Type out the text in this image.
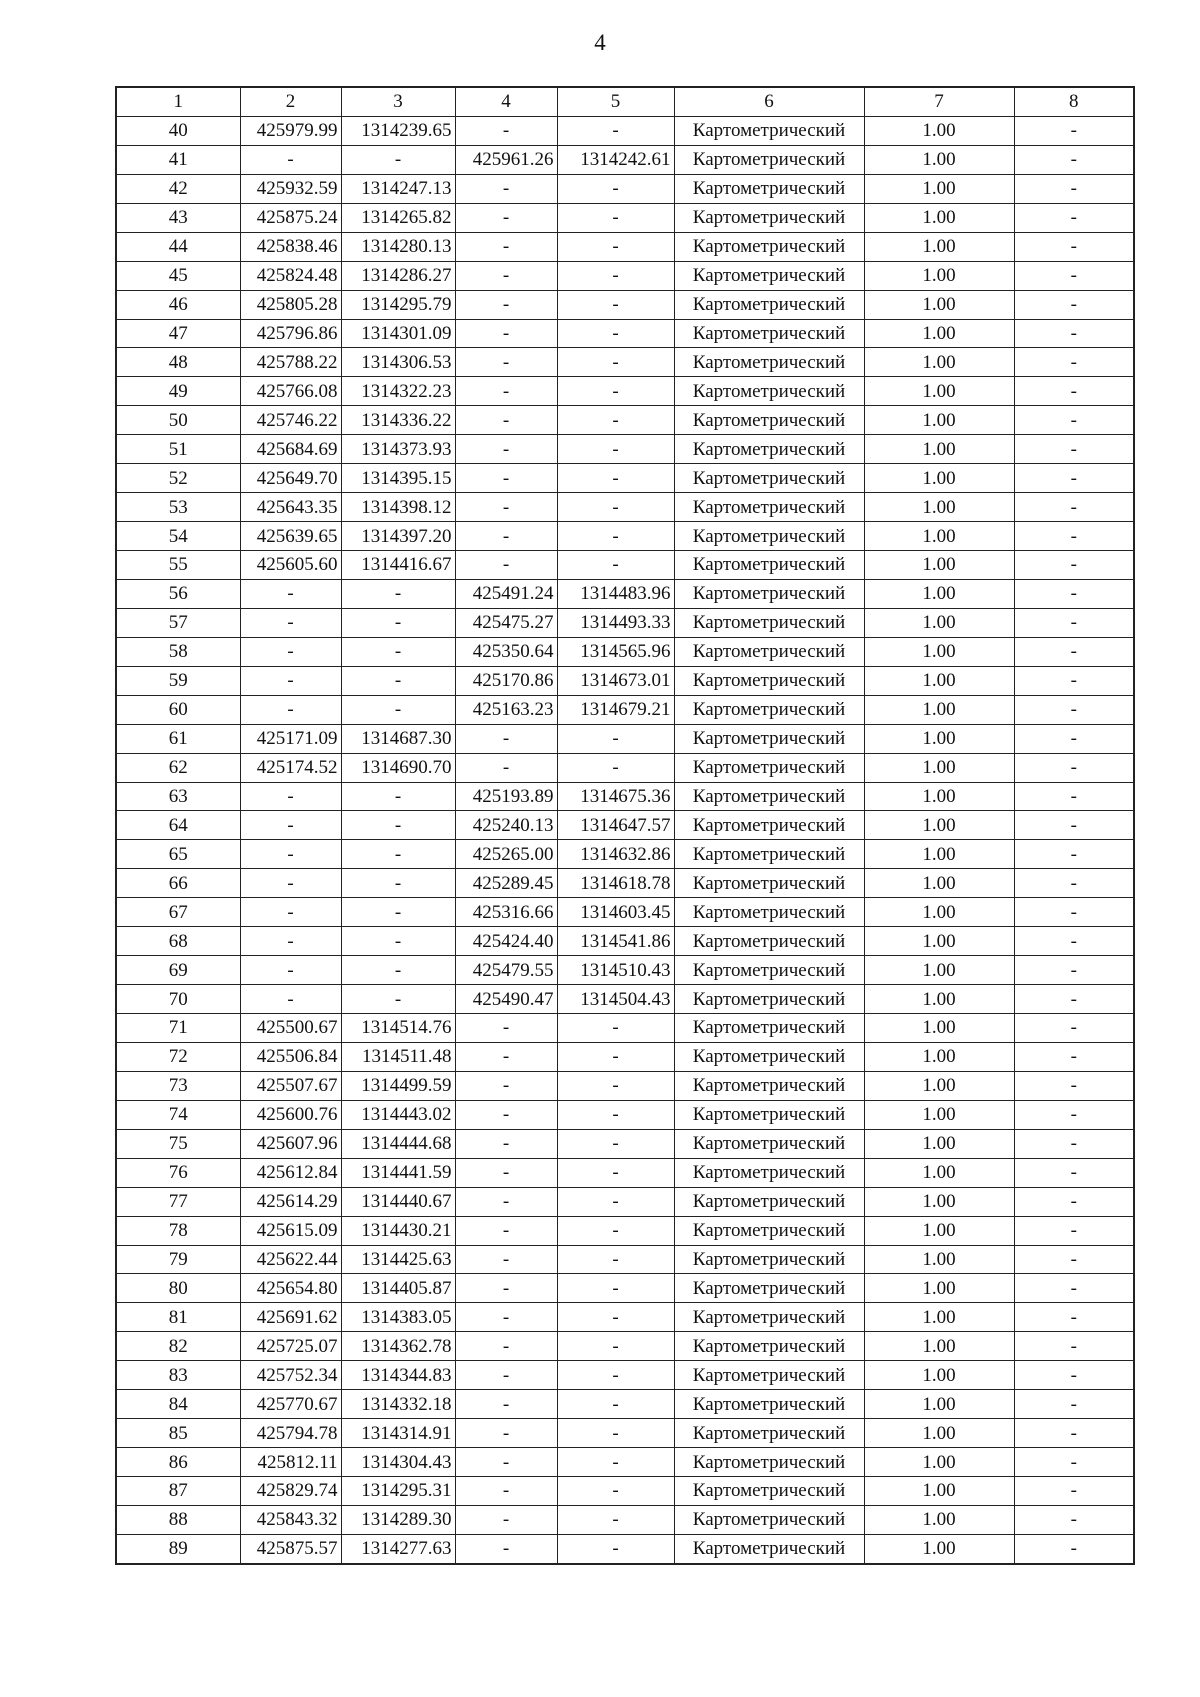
4
1	2	3	4	5	6	7	8
40	425979.99	1314239.65	-	-	Картометрический	1.00	-
41	-	-	425961.26	1314242.61	Картометрический	1.00	-
42	425932.59	1314247.13	-	-	Картометрический	1.00	-
43	425875.24	1314265.82	-	-	Картометрический	1.00	-
44	425838.46	1314280.13	-	-	Картометрический	1.00	-
45	425824.48	1314286.27	-	-	Картометрический	1.00	-
46	425805.28	1314295.79	-	-	Картометрический	1.00	-
47	425796.86	1314301.09	-	-	Картометрический	1.00	-
48	425788.22	1314306.53	-	-	Картометрический	1.00	-
49	425766.08	1314322.23	-	-	Картометрический	1.00	-
50	425746.22	1314336.22	-	-	Картометрический	1.00	-
51	425684.69	1314373.93	-	-	Картометрический	1.00	-
52	425649.70	1314395.15	-	-	Картометрический	1.00	-
53	425643.35	1314398.12	-	-	Картометрический	1.00	-
54	425639.65	1314397.20	-	-	Картометрический	1.00	-
55	425605.60	1314416.67	-	-	Картометрический	1.00	-
56	-	-	425491.24	1314483.96	Картометрический	1.00	-
57	-	-	425475.27	1314493.33	Картометрический	1.00	-
58	-	-	425350.64	1314565.96	Картометрический	1.00	-
59	-	-	425170.86	1314673.01	Картометрический	1.00	-
60	-	-	425163.23	1314679.21	Картометрический	1.00	-
61	425171.09	1314687.30	-	-	Картометрический	1.00	-
62	425174.52	1314690.70	-	-	Картометрический	1.00	-
63	-	-	425193.89	1314675.36	Картометрический	1.00	-
64	-	-	425240.13	1314647.57	Картометрический	1.00	-
65	-	-	425265.00	1314632.86	Картометрический	1.00	-
66	-	-	425289.45	1314618.78	Картометрический	1.00	-
67	-	-	425316.66	1314603.45	Картометрический	1.00	-
68	-	-	425424.40	1314541.86	Картометрический	1.00	-
69	-	-	425479.55	1314510.43	Картометрический	1.00	-
70	-	-	425490.47	1314504.43	Картометрический	1.00	-
71	425500.67	1314514.76	-	-	Картометрический	1.00	-
72	425506.84	1314511.48	-	-	Картометрический	1.00	-
73	425507.67	1314499.59	-	-	Картометрический	1.00	-
74	425600.76	1314443.02	-	-	Картометрический	1.00	-
75	425607.96	1314444.68	-	-	Картометрический	1.00	-
76	425612.84	1314441.59	-	-	Картометрический	1.00	-
77	425614.29	1314440.67	-	-	Картометрический	1.00	-
78	425615.09	1314430.21	-	-	Картометрический	1.00	-
79	425622.44	1314425.63	-	-	Картометрический	1.00	-
80	425654.80	1314405.87	-	-	Картометрический	1.00	-
81	425691.62	1314383.05	-	-	Картометрический	1.00	-
82	425725.07	1314362.78	-	-	Картометрический	1.00	-
83	425752.34	1314344.83	-	-	Картометрический	1.00	-
84	425770.67	1314332.18	-	-	Картометрический	1.00	-
85	425794.78	1314314.91	-	-	Картометрический	1.00	-
86	425812.11	1314304.43	-	-	Картометрический	1.00	-
87	425829.74	1314295.31	-	-	Картометрический	1.00	-
88	425843.32	1314289.30	-	-	Картометрический	1.00	-
89	425875.57	1314277.63	-	-	Картометрический	1.00	-
